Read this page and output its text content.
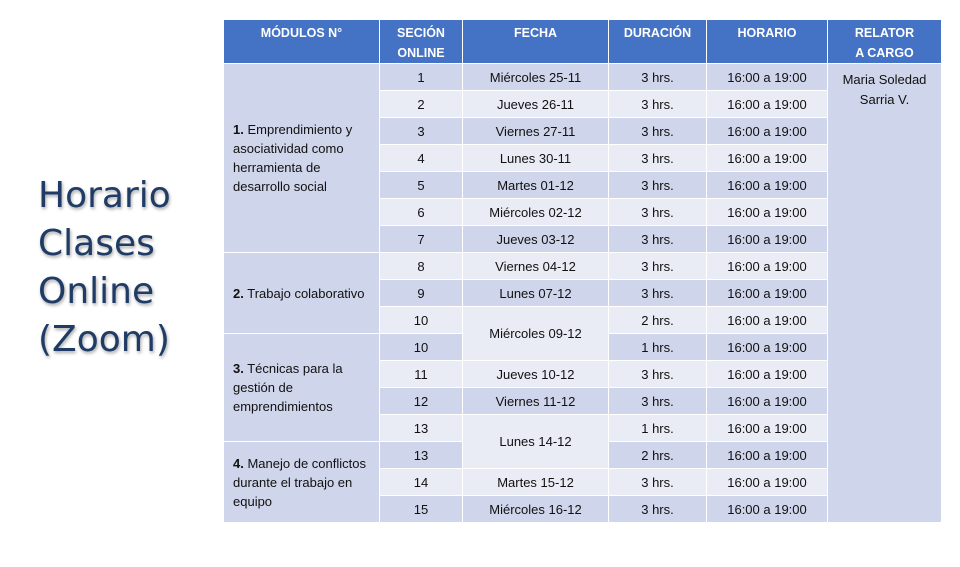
Horario
Clases
Online
(Zoom)
MÓDULOS N°	SECIÓN
ONLINE	FECHA	DURACIÓN	HORARIO	RELATOR
A CARGO

1. Emprendimiento y asociatividad como herramienta de desarrollo social	1	Miércoles 25-11	3 hrs.	16:00 a 19:00	Maria Soledad
Sarria V.

	2	Jueves 26-11	3 hrs.	16:00 a 19:00	
	3	Viernes 27-11	3 hrs.	16:00 a 19:00	
	4	Lunes 30-11	3 hrs.	16:00 a 19:00	
	5	Martes 01-12	3 hrs.	16:00 a 19:00	
	6	Miércoles 02-12	3 hrs.	16:00 a 19:00	
	7	Jueves 03-12	3 hrs.	16:00 a 19:00	
2. Trabajo colaborativo	8	Viernes 04-12	3 hrs.	16:00 a 19:00	
	9	Lunes 07-12	3 hrs.	16:00 a 19:00	
	10	Miércoles 09-12	2 hrs.	16:00 a 19:00	
3. Técnicas para la gestión de emprendimientos	10		1 hrs.	16:00 a 19:00	
	11	Jueves 10-12	3 hrs.	16:00 a 19:00	
	12	Viernes 11-12	3 hrs.	16:00 a 19:00	
	13	Lunes 14-12	1 hrs.	16:00 a 19:00	
4. Manejo de conflictos durante el trabajo en equipo	13		2 hrs.	16:00 a 19:00	
	14	Martes 15-12	3 hrs.	16:00 a 19:00	
	15	Miércoles 16-12	3 hrs.	16:00 a 19:00	
